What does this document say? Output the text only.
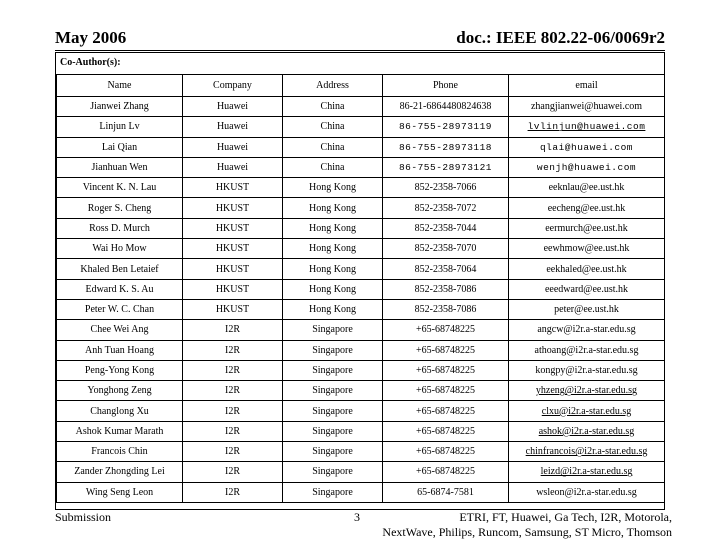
May 2006	doc.: IEEE 802.22-06/0069r2
Co-Author(s):
Name	Company	Address	Phone	email
Jianwei Zhang	Huawei	China	86-21-6864480824638	zhangjianwei@huawei.com
Linjun Lv	Huawei	China	86-755-28973119	lvlinjun@huawei.com
Lai Qian	Huawei	China	86-755-28973118	qlai@huawei.com
Jianhuan Wen	Huawei	China	86-755-28973121	wenjh@huawei.com
Vincent K. N. Lau	HKUST	Hong Kong	852-2358-7066	eeknlau@ee.ust.hk
Roger S. Cheng	HKUST	Hong Kong	852-2358-7072	eecheng@ee.ust.hk
Ross D. Murch	HKUST	Hong Kong	852-2358-7044	eermurch@ee.ust.hk
Wai Ho Mow	HKUST	Hong Kong	852-2358-7070	eewhmow@ee.ust.hk
Khaled Ben Letaief	HKUST	Hong Kong	852-2358-7064	eekhaled@ee.ust.hk
Edward K. S. Au	HKUST	Hong Kong	852-2358-7086	eeedward@ee.ust.hk
Peter W. C. Chan	HKUST	Hong Kong	852-2358-7086	peter@ee.ust.hk
Chee Wei Ang	I2R	Singapore	+65-68748225	angcw@i2r.a-star.edu.sg
Anh Tuan Hoang	I2R	Singapore	+65-68748225	athoang@i2r.a-star.edu.sg
Peng-Yong Kong	I2R	Singapore	+65-68748225	kongpy@i2r.a-star.edu.sg
Yonghong Zeng	I2R	Singapore	+65-68748225	yhzeng@i2r.a-star.edu.sg
Changlong Xu	I2R	Singapore	+65-68748225	clxu@i2r.a-star.edu.sg
Ashok Kumar Marath	I2R	Singapore	+65-68748225	ashok@i2r.a-star.edu.sg
Francois Chin	I2R	Singapore	+65-68748225	chinfrancois@i2r.a-star.edu.sg
Zander Zhongding Lei	I2R	Singapore	+65-68748225	leizd@i2r.a-star.edu.sg
Wing Seng Leon	I2R	Singapore	65-6874-7581	wsleon@i2r.a-star.edu.sg
Submission	3	ETRI, FT, Huawei, Ga Tech, I2R, Motorola,
NextWave, Philips, Runcom, Samsung, ST Micro, Thomson
